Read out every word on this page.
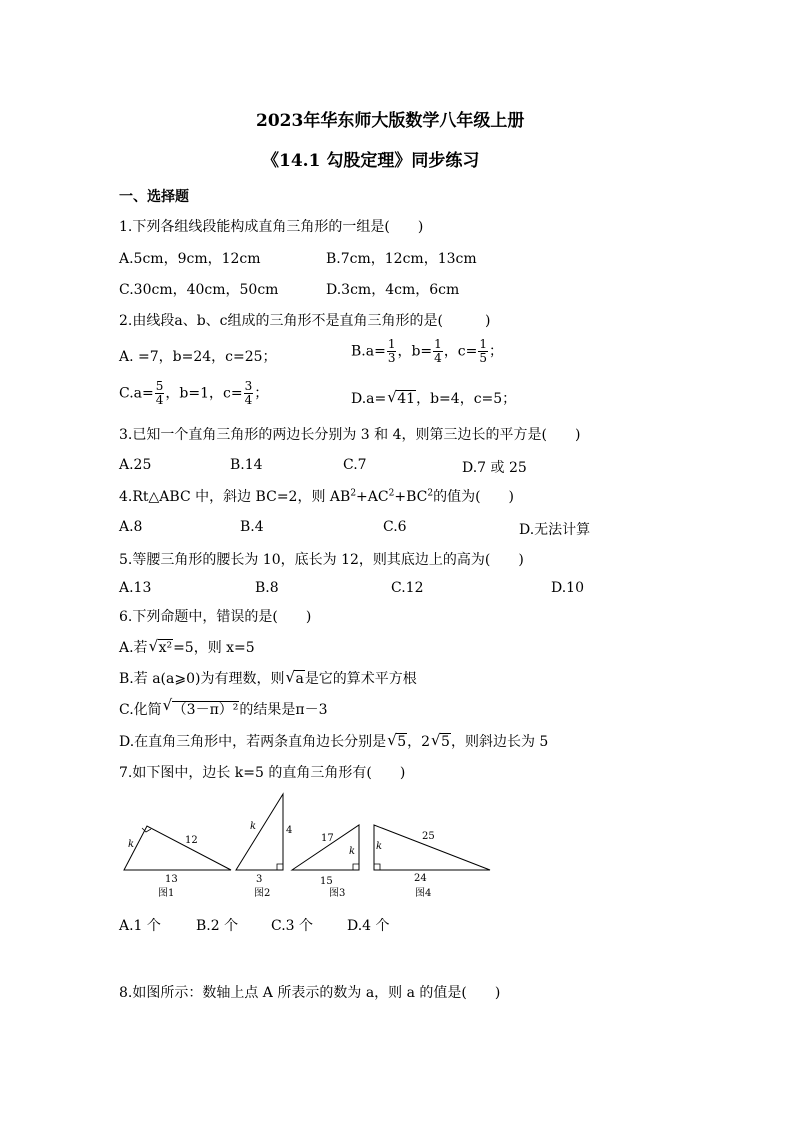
2023年华东师大版数学八年级上册
《14.1 勾股定理》同步练习
一、选择题
1.下列各组线段能构成直角三角形的一组是(　　)
A.5cm，9cm，12cm	B.7cm，12cm，13cm
C.30cm，40cm，50cm	D.3cm，4cm，6cm
2.由线段a、b、c组成的三角形不是直角三角形的是(　　　)
A. =7，b=24，c=25；	$B.a= \frac{1}{3}$ ，$b= \frac{1}{4}$ ，$c= \frac{1}{5}$ ；
$C.a= \frac{5}{4}$ ，b=1，$c= \frac{3}{4}$ ；	D.a= √ 41，b=4，c=5；
3.已知一个直角三角形的两边长分别为 3 和 4，则第三边长的平方是(　　)
A.25	B.14	C.7	D.7 或 25
4.Rt△ABC 中，斜边 BC=2，则 $AB^2+AC^2+BC^2$的值为(　　)
A.8	B.4	C.6	D.无法计算
5.等腰三角形的腰长为 10，底长为 12，则其底边上的高为(　　)
A.13	B.8	C.12	D.10
6.下列命题中，错误的是(　　)
A.若 √ x²=5，则 x=5
B.若 a(a⩾0)为有理数，则 √ a是它的算术平方根
C.化简 √ （3－π）²的结果是π－3
D.在直角三角形中，若两条直角边长分别是 √ 5，2 √ 5，则斜边长为 5
7.如下图中，边长 k=5 的直角三角形有(　　)
k	12
13
图1
k	4
3
图2
17
k
15
图3
25
k
24
图4
A.1 个	B.2 个 C.3 个 D.4 个
8.如图所示：数轴上点 A 所表示的数为 a，则 a 的值是(　　)
